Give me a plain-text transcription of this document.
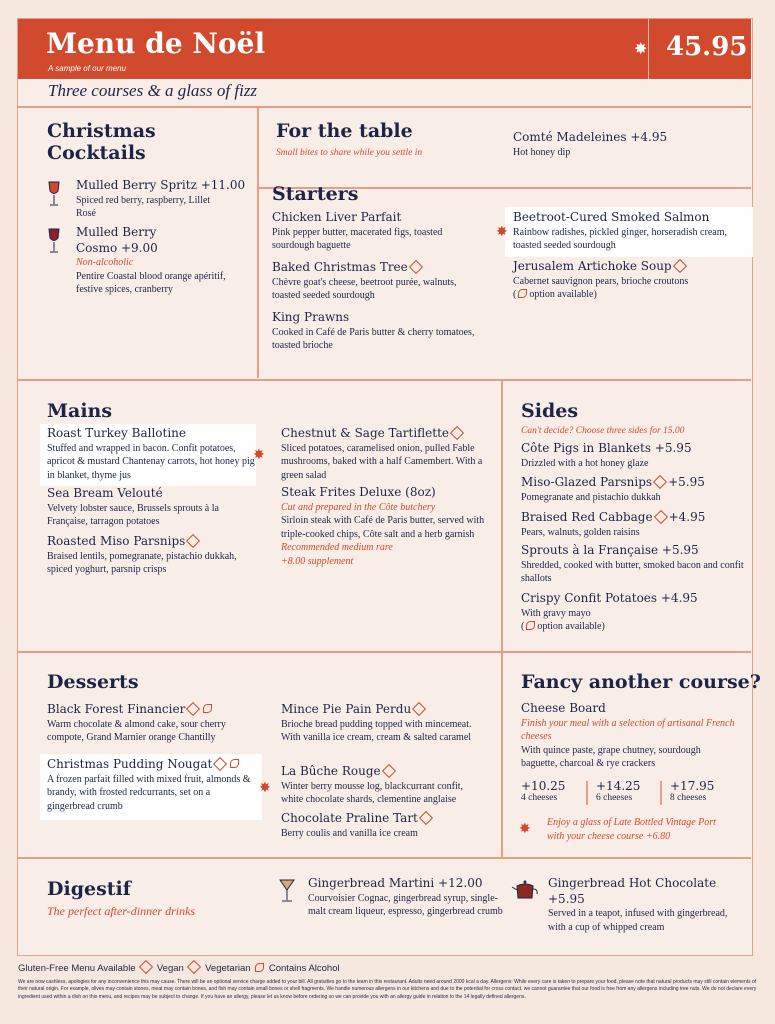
Menu de Noël
A sample of our menu
✸ 45.95
Three courses & a glass of fizz
Christmas Cocktails
Mulled Berry Spritz +11.00
Spiced red berry, raspberry, Lillet Rosé
Mulled Berry Cosmo +9.00
Non-alcoholic
Pentire Coastal blood orange apéritif, festive spices, cranberry
For the table
Small bites to share while you settle in
Comté Madeleines +4.95
Hot honey dip
Starters
Chicken Liver Parfait
Pink pepper butter, macerated figs, toasted sourdough baguette
Baked Christmas Tree
Chèvre goat's cheese, beetroot purée, walnuts, toasted seeded sourdough
King Prawns
Cooked in Café de Paris butter & cherry tomatoes, toasted brioche
✸
Beetroot-Cured Smoked Salmon
Rainbow radishes, pickled ginger, horseradish cream, toasted seeded sourdough
Jerusalem Artichoke Soup
Cabernet sauvignon pears, brioche croutons
( option available)
Mains
✸
Roast Turkey Ballotine
Stuffed and wrapped in bacon. Confit potatoes, apricot & mustard Chantenay carrots, hot honey pig in blanket, thyme jus
Sea Bream Velouté
Velvety lobster sauce, Brussels sprouts à la Française, tarragon potatoes
Roasted Miso Parsnips
Braised lentils, pomegranate, pistachio dukkah, spiced yoghurt, parsnip crisps
Chestnut & Sage Tartiflette
Sliced potatoes, caramelised onion, pulled Fable mushrooms, baked with a half Camembert. With a green salad
Steak Frites Deluxe (8oz)
Cut and prepared in the Côte butchery
Sirloin steak with Café de Paris butter, served with triple-cooked chips, Côte salt and a herb garnish
Recommended medium rare
+8.00 supplement
Sides
Can't decide? Choose three sides for 15.00
Côte Pigs in Blankets +5.95
Drizzled with a hot honey glaze
Miso-Glazed Parsnips +5.95
Pomegranate and pistachio dukkah
Braised Red Cabbage +4.95
Pears, walnuts, golden raisins
Sprouts à la Française +5.95
Shredded, cooked with butter, smoked bacon and confit shallots
Crispy Confit Potatoes +4.95
With gravy mayo
( option available)
Desserts
Black Forest Financier
Warm chocolate & almond cake, sour cherry compote, Grand Marnier orange Chantilly
✸
Christmas Pudding Nougat
A frozen parfait filled with mixed fruit, almonds & brandy, with frosted redcurrants, set on a gingerbread crumb
Mince Pie Pain Perdu
Brioche bread pudding topped with mincemeat. With vanilla ice cream, cream & salted caramel
La Bûche Rouge
Winter berry mousse log, blackcurrant confit, white chocolate shards, clementine anglaise
Chocolate Praline Tart
Berry coulis and vanilla ice cream
Fancy another course?
Cheese Board
Finish your meal with a selection of artisanal French cheeses
With quince paste, grape chutney, sourdough baguette, charcoal & rye crackers
+10.25
4 cheeses
+14.25
6 cheeses
+17.95
8 cheeses
✸ Enjoy a glass of Late Bottled Vintage Port with your cheese course +6.80
Digestif
The perfect after-dinner drinks
Gingerbread Martini +12.00
Courvoisier Cognac, gingerbread syrup, single-malt cream liqueur, espresso, gingerbread crumb
Gingerbread Hot Chocolate +5.95
Served in a teapot, infused with gingerbread, with a cup of whipped cream
Gluten-Free Menu Available Vegan Vegetarian Contains Alcohol
We are now cashless, apologies for any inconvenience this may cause. There will be an optional service charge added to your bill. All gratuities go to the team in this restaurant. Adults need around 2000 kcal a day. Allergens: While every care is taken to prepare your food, please note that natural products may still contain elements of their natural origin. For example, olives may contain stones, meat may contain bones, and fish may contain small bones or shell fragments. We handle numerous allergens in our kitchens and due to the potential for cross contact, we cannot guarantee that our food is free from any allergens including tree nuts. We do not declare every ingredient used within a dish on this menu, and recipes may be subject to change. If you have an allergy, please let us know before ordering so we can provide you with an allergy guide in relation to the 14 legally defined allergens.
